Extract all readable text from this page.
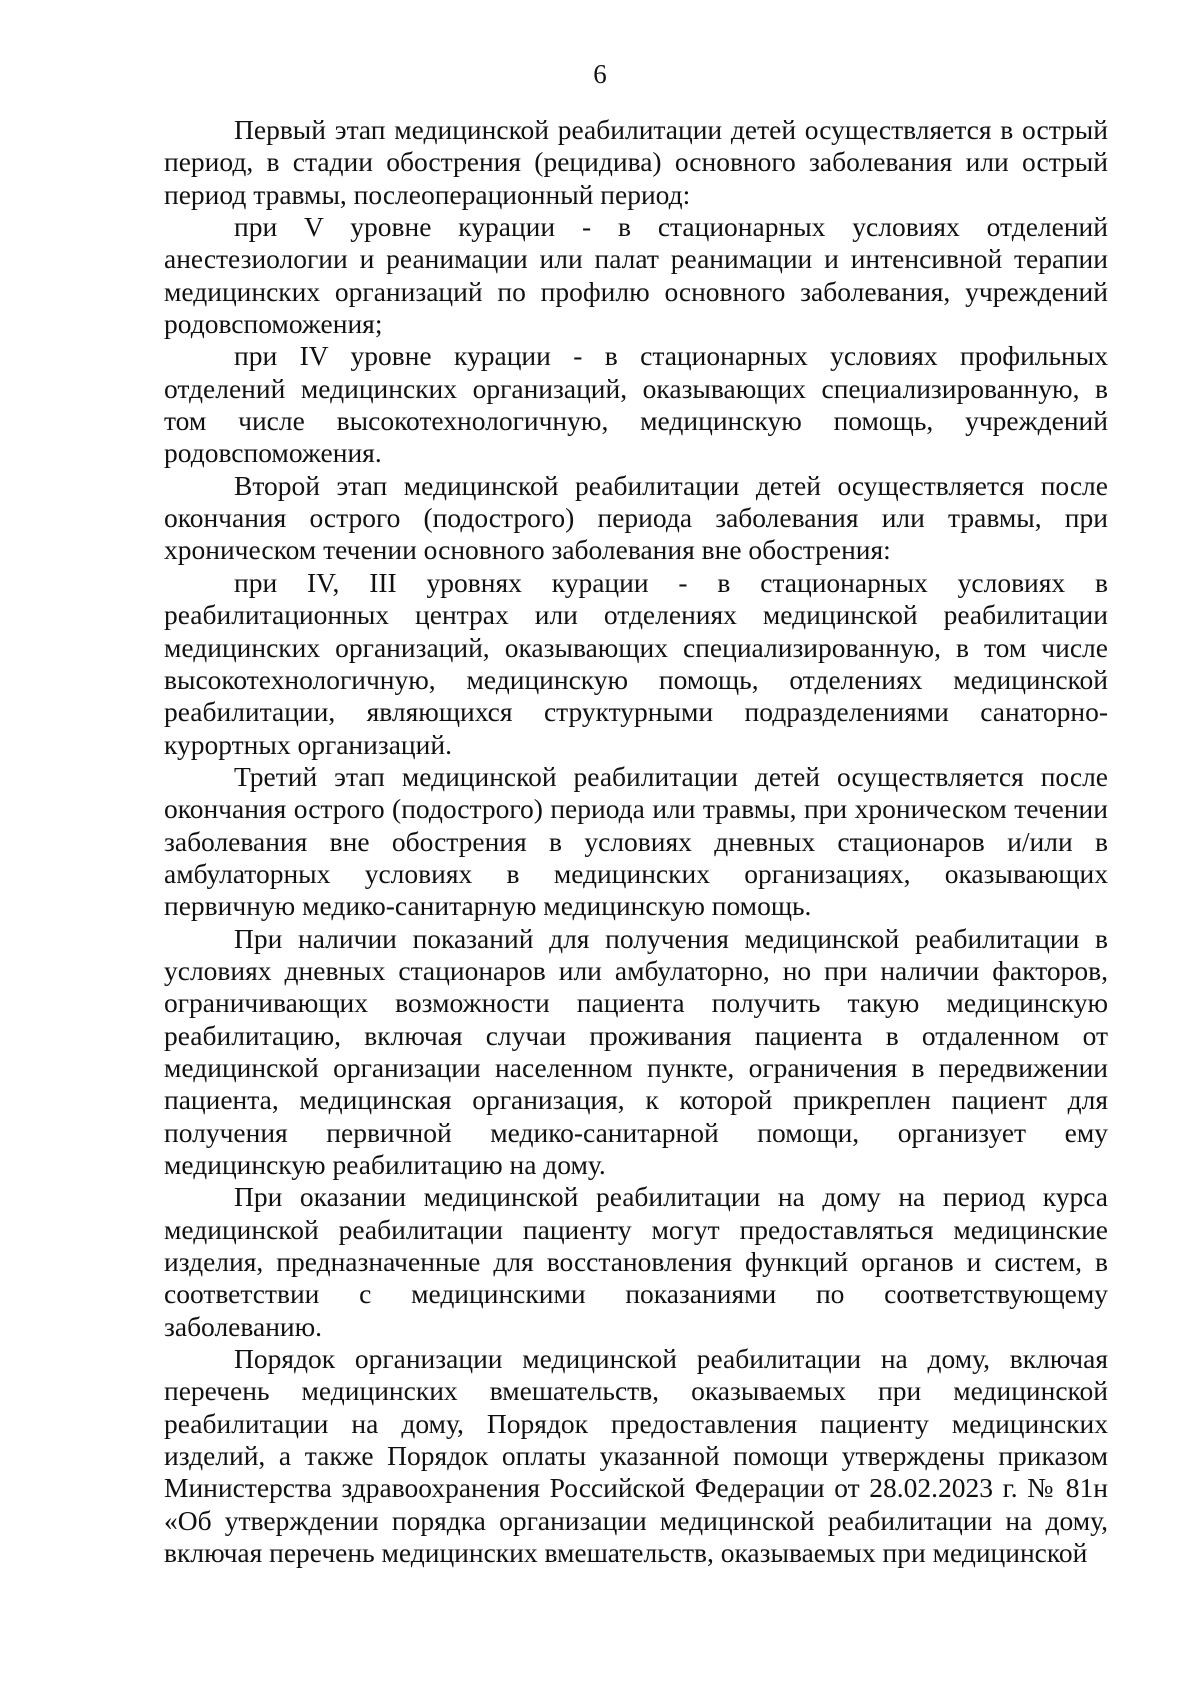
6

Первый этап медицинской реабилитации детей осуществляется в острый период, в стадии обострения (рецидива) основного заболевания или острый период травмы, послеоперационный период:

при V уровне курации - в стационарных условиях отделений анестезиологии и реанимации или палат реанимации и интенсивной терапии медицинских организаций по профилю основного заболевания, учреждений родовспоможения;

при IV уровне курации - в стационарных условиях профильных отделений медицинских организаций, оказывающих специализированную, в том числе высокотехнологичную, медицинскую помощь, учреждений родовспоможения.

Второй этап медицинской реабилитации детей осуществляется после окончания острого (подострого) периода заболевания или травмы, при хроническом течении основного заболевания вне обострения:

при IV, III уровнях курации - в стационарных условиях в реабилитационных центрах или отделениях медицинской реабилитации медицинских организаций, оказывающих специализированную, в том числе высокотехнологичную, медицинскую помощь, отделениях медицинской реабилитации, являющихся структурными подразделениями санаторно-курортных организаций.

Третий этап медицинской реабилитации детей осуществляется после окончания острого (подострого) периода или травмы, при хроническом течении заболевания вне обострения в условиях дневных стационаров и/или в амбулаторных условиях в медицинских организациях, оказывающих первичную медико-санитарную медицинскую помощь.

При наличии показаний для получения медицинской реабилитации в условиях дневных стационаров или амбулаторно, но при наличии факторов, ограничивающих возможности пациента получить такую медицинскую реабилитацию, включая случаи проживания пациента в отдаленном от медицинской организации населенном пункте, ограничения в передвижении пациента, медицинская организация, к которой прикреплен пациент для получения первичной медико-санитарной помощи, организует ему медицинскую реабилитацию на дому.

При оказании медицинской реабилитации на дому на период курса медицинской реабилитации пациенту могут предоставляться медицинские изделия, предназначенные для восстановления функций органов и систем, в соответствии с медицинскими показаниями по соответствующему заболеванию.

Порядок организации медицинской реабилитации на дому, включая перечень медицинских вмешательств, оказываемых при медицинской реабилитации на дому, Порядок предоставления пациенту медицинских изделий, а также Порядок оплаты указанной помощи утверждены приказом Министерства здравоохранения Российской Федерации от 28.02.2023 г. № 81н «Об утверждении порядка организации медицинской реабилитации на дому, включая перечень медицинских вмешательств, оказываемых при медицинской
